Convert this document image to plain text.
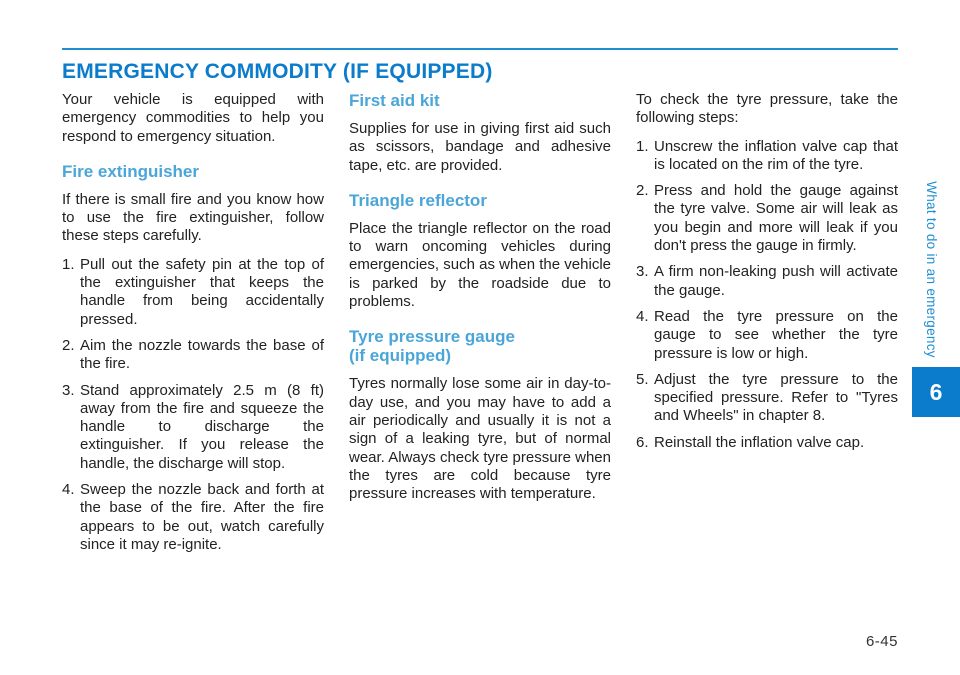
EMERGENCY COMMODITY (IF EQUIPPED)

Your vehicle is equipped with emergency commodities to help you respond to emergency situation.

Fire extinguisher

If there is small fire and you know how to use the fire extinguisher, follow these steps carefully.

1. Pull out the safety pin at the top of the extinguisher that keeps the handle from being accidentally pressed.
2. Aim the nozzle towards the base of the fire.
3. Stand approximately 2.5 m (8 ft) away from the fire and squeeze the handle to discharge the extinguisher. If you release the handle, the discharge will stop.
4. Sweep the nozzle back and forth at the base of the fire. After the fire appears to be out, watch carefully since it may re-ignite.
First aid kit

Supplies for use in giving first aid such as scissors, bandage and adhesive tape, etc. are provided.

Triangle reflector

Place the triangle reflector on the road to warn oncoming vehicles during emergencies, such as when the vehicle is parked by the roadside due to problems.

Tyre pressure gauge
(if equipped)

Tyres normally lose some air in day-to-day use, and you may have to add a air periodically and usually it is not a sign of a leaking tyre, but of normal wear. Always check tyre pressure when the tyres are cold because tyre pressure increases with temperature.

To check the tyre pressure, take the following steps:

1. Unscrew the inflation valve cap that is located on the rim of the tyre.
2. Press and hold the gauge against the tyre valve. Some air will leak as you begin and more will leak if you don't press the gauge in firmly.
3. A firm non-leaking push will activate the gauge.
4. Read the tyre pressure on the gauge to see whether the tyre pressure is low or high.
5. Adjust the tyre pressure to the specified pressure. Refer to "Tyres and Wheels" in chapter 8.
6. Reinstall the inflation valve cap.
What to do in an emergency
6
6-45
